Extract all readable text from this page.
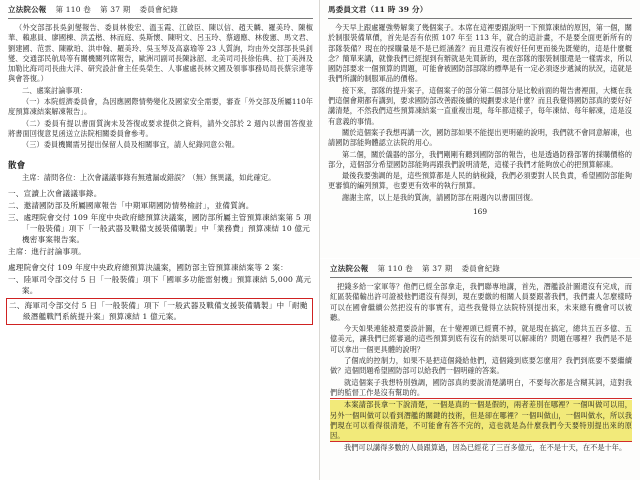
立法院公報 第 110 卷 第 37 期 委員會紀錄

（外交部部長吳釗燮報告、委員林俊宏、溫玉霞、江啟臣、陳以信、趙天麟、羅美玲、陳椒華、賴惠員、廖國棟、洪孟楷、林而庭、吳斯懷、陳明文、呂玉玲、蔡適應、林俊憲、馬文君、劉建國、范雲、陳歐珀、洪申翰、羅美玲、吳玉琴及高嘉瑜等 23 人質詢，均由外交部部長吳釗燮、交通部民航局等有關機關列席報告，歐洲司副司長陳詠韶、北美司司長徐佑典、拉丁美洲及加勒比海司司長曲大洋、研究設計會主任吳榮生、人事處處長林文國及領事事務局局長蔡宗達等與會答復。）

二、處案討論事項：

（一）本院經濟委員會，為因應國際情勢變化及國家安全需要，審查「外交部及所屬110年度預算凍結案解凍報告」。

（二）委員有提以書面質詢未及答復或要求提供之資料，請外交部於 2 週內以書面答復並將書面回復意見函送立法院相關委員會參考。

（三）委員機關需另提出保留人員及相關事宜，請人紀錄同意公報。

散會

主席：請問各位：上次會議議事錄有無遺漏或錯誤？（無）無異議，如此確定。

一、宣讀上次會議議事錄。
二、邀請國防部及所屬國庫報告「中期軍期國防情勢檢討」，並備質詢。
三、處理院會交付 109 年度中央政府總預算決議案，國防部所屬主管預算凍結案第 5 項「一般裝備」項下「一般武器及戰備支援裝備購製」中「業務費」預算凍結 10 億元機密事案報告案。
主席：進行討論事項。
處理院會交付 109 年度中央政府總預算決議案，國防部主管預算凍結案等 2 案：
一、陸軍司令部交付 5 日「一般裝備」項下「國軍多功能雷射機」預算凍結 5,000 萬元案。
二、海軍司令部交付 5 日「一般裝備」項下「一般武器及戰備支援裝備購製」中「耐颱級潛艦戰鬥系統提升案」預算凍結 1 億元案。
馬委員文君（11 時 39 分）

今天早上跟處羅強勢解業了幾個案子。本席在這裡要跟說明一下預算凍結的原因，第一個，關於制服裝備單價，首先是否有依照 107 年至 113 年，就合的這計畫，不是要全面更新所有的部隊裝備？現在的採購量是不是已經涵蓋？而且還沒有被好任何更而後先既變的，這是什麼概念？簡單來講，就像我們已經提到有辦就是先買新的，現在部隊的服裝制服還是一樣需求，所以國防部要求一個預算的問題，可能會被國防部部隊的標準是有一定必須逐步遞減的狀況，這就是我們所講的制服軍品的價格。

接下來，部隊的提升案子，這個案子的部分第二個部分是比較前面的報告書裡面，大概在我們這個會期都有講到，要求國防部改善跟後續的規劃要求是什麼？而且我覺得國防部真的要好好講清楚，不然我們這些預算凍結案一直重複出現，每年都這樣子，每年凍結、每年解凍，這是沒有意義的事情。

關於這個案子我想再講一次，國防部如果不能提出更明確的說明，我們就不會同意解凍，也請國防部能夠體認立法院的用心。

第二個，關於儀器的部分，我們剛剛有聽到國防部的報告，也是透過防務部署的採購價格的部分，這個部分希望國防部能夠再跟我們說明清楚，這樣子我們才能夠放心的把預算解凍。

最後我要強調的是，這些預算都是人民的納稅錢，我們必須要對人民負責，希望國防部能夠更審慎的編列預算，也要更有效率的執行預算。

謝謝主席，以上是我的質詢，請國防部在兩週內以書面回復。

169
立法院公報 第 110 卷 第 37 期 委員會紀錄

把錢多給一家軍等？他們已經全部拿走，我們聯專地講，首先，潛艦設計圖還沒有完成，而紅區裝備輸出許可證被他們還沒有得到，現在要繳的相關人員要跟著我們，我們畫人怎麼樣時可以在國會繼續公然把沒有的事實有，這些我覺得立法院特別提出來，未來總有機會可以被聽。

今天如果連能被還要設計圖，在十變裡頭已經賣不掉，就是現在搞定，總共五百多億、五億美元，讓我們已經審過的這些預算到底有沒有的結果可以解凍的？問題在哪裡？我們是不是可以拿出一個更具體的說明？

了個成的控制力，如果不是把這個錢給他們，這個錢到底要怎麼用？我們到底要不要繼續做？這個問題希望國防部可以給我們一個明確的答案。

就這個案子我想特別強調，國防部真的要說清楚講明白，不要每次都是含糊其詞，這對我們的監督工作是沒有幫助的。

本案請部長拿一下說清楚，一個是真的一個是假的，兩者差別在哪裡？一個叫做可以用，另外一個叫做可以看到潛艦的關鍵的技術，但是卻在哪裡？一個叫做山，一個叫做水，所以我們現在可以看得很清楚，不可能會有答不完的，這也就是為什麼我們今天要特別提出來的原因。

我們可以講得多數的人員跟算過，因為已經花了三百多億元，在不是十天，在不是十年。
